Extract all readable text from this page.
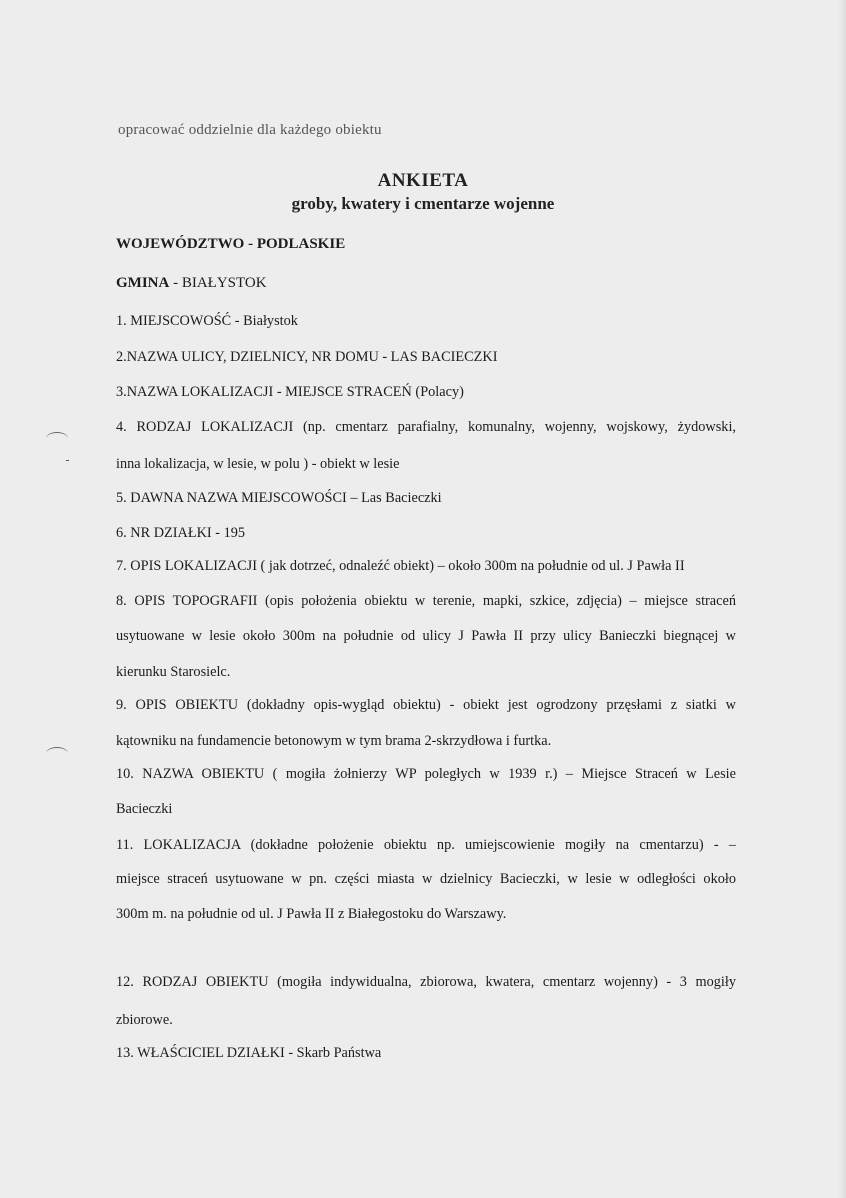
opracować oddzielnie dla każdego obiektu
ANKIETA
groby, kwatery i cmentarze wojenne
WOJEWÓDZTWO - PODLASKIE
GMINA - BIAŁYSTOK
1. MIEJSCOWOŚĆ - Białystok
2.NAZWA ULICY, DZIELNICY, NR DOMU - LAS BACIECZKI
3.NAZWA LOKALIZACJI - MIEJSCE STRACEŃ (Polacy)
4. RODZAJ LOKALIZACJI (np. cmentarz parafialny, komunalny, wojenny, wojskowy, żydowski,
inna lokalizacja, w lesie, w polu ) - obiekt w lesie
5. DAWNA NAZWA MIEJSCOWOŚCI – Las Bacieczki
6. NR DZIAŁKI - 195
7. OPIS LOKALIZACJI ( jak dotrzeć, odnaleźć obiekt) – około 300m na południe od ul. J Pawła II
8. OPIS TOPOGRAFII (opis położenia obiektu w terenie, mapki, szkice, zdjęcia) – miejsce straceń
usytuowane w lesie około 300m na południe od ulicy J Pawła II przy ulicy Banieczki biegnącej w
kierunku Starosielc.
9. OPIS OBIEKTU (dokładny opis-wygląd obiektu) - obiekt jest ogrodzony przęsłami z siatki w
kątowniku na fundamencie betonowym w tym brama 2-skrzydłowa i furtka.
10. NAZWA OBIEKTU ( mogiła żołnierzy WP poległych w 1939 r.) – Miejsce Straceń w Lesie
Bacieczki
11. LOKALIZACJA (dokładne położenie obiektu np. umiejscowienie mogiły na cmentarzu) - –
miejsce straceń usytuowane w pn. części miasta w dzielnicy Bacieczki, w lesie w odległości około
300m m. na południe od ul. J Pawła II z Białegostoku do Warszawy.
12. RODZAJ OBIEKTU (mogiła indywidualna, zbiorowa, kwatera, cmentarz wojenny) - 3 mogiły
zbiorowe.
13. WŁAŚCICIEL DZIAŁKI - Skarb Państwa
